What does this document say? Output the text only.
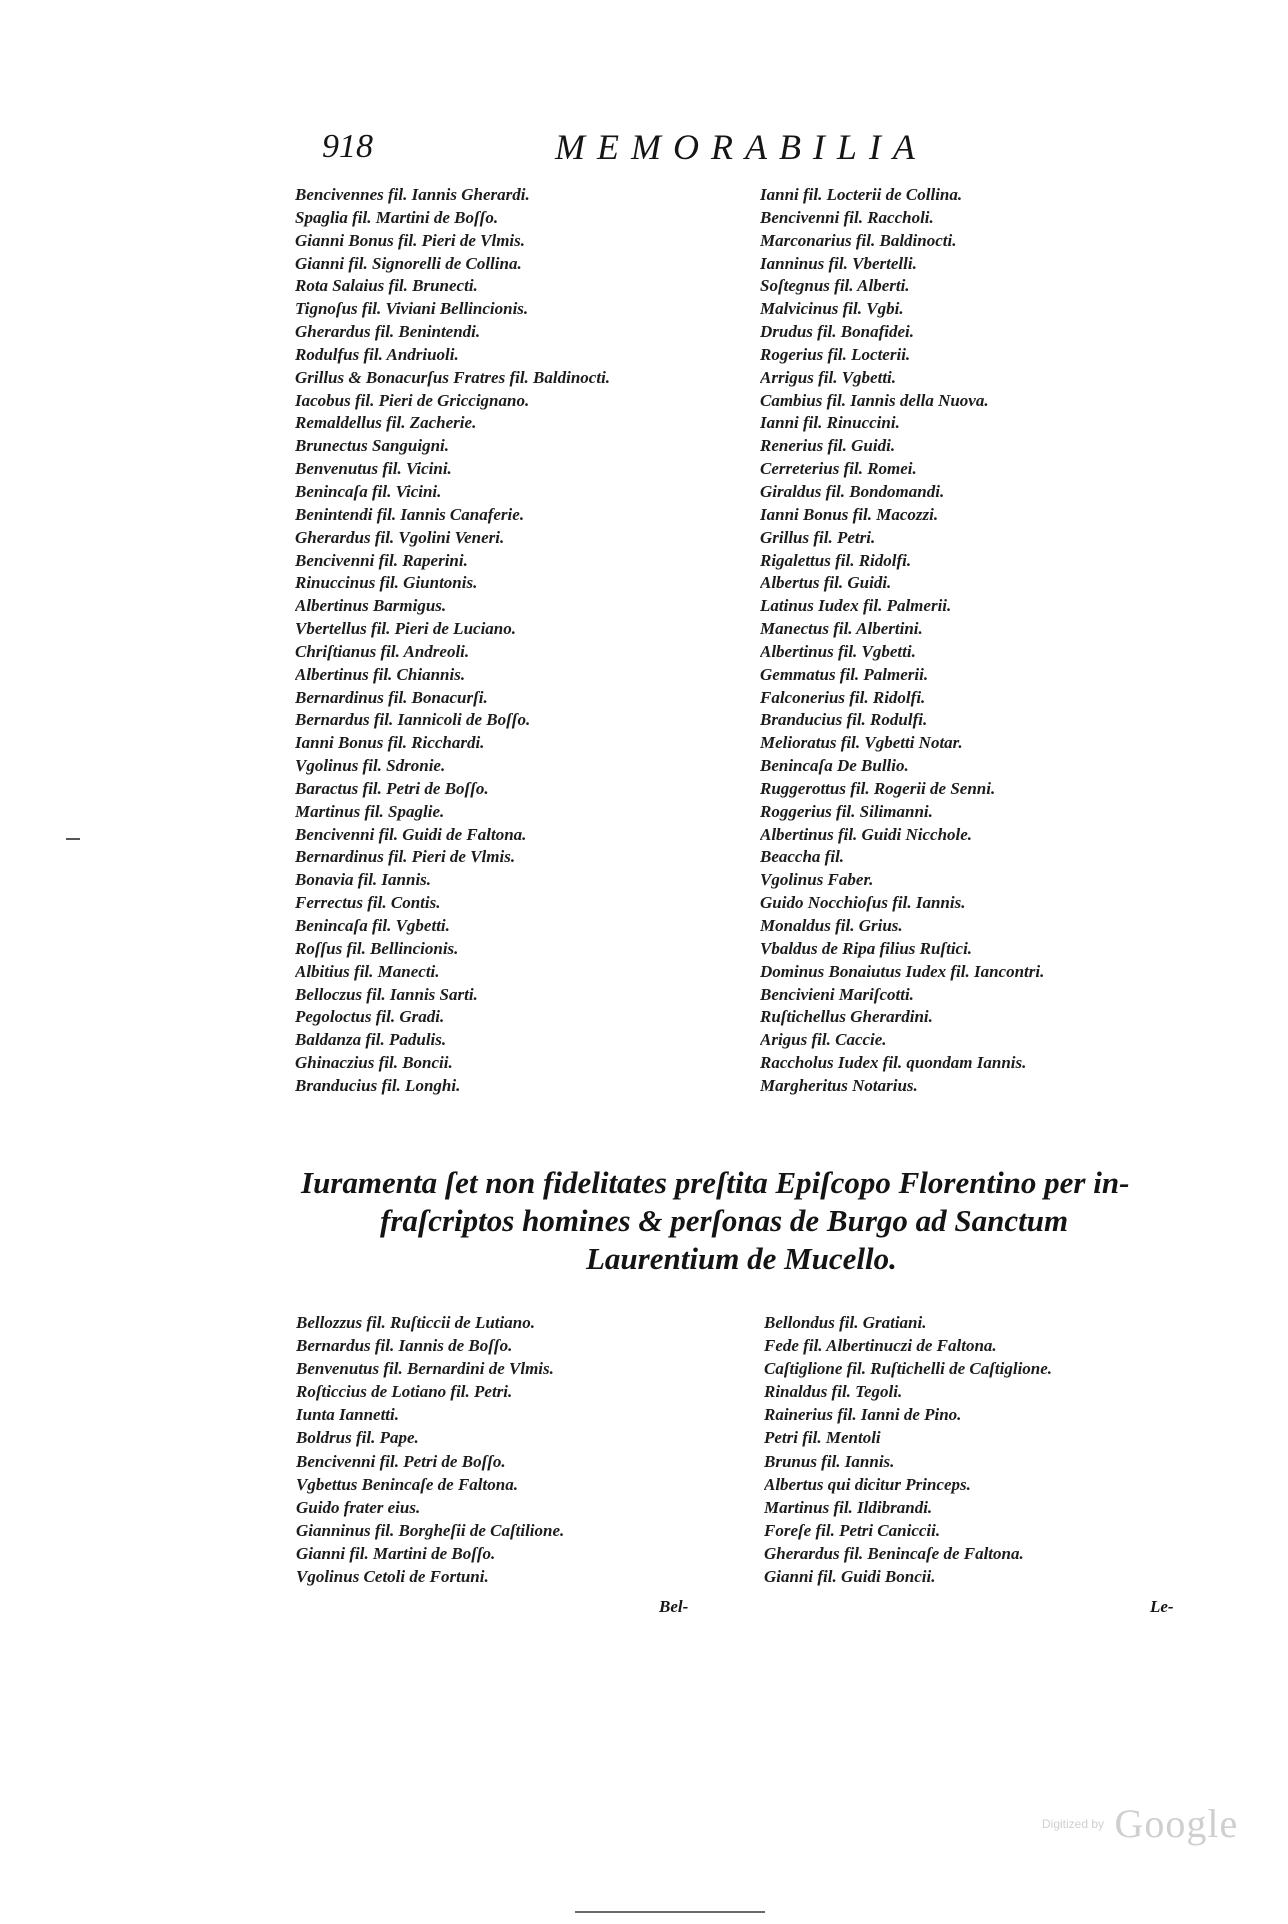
918	MEMORABILIA
Bencivennes fil. Iannis Gherardi.
Spaglia fil. Martini de Boſſo.
Gianni Bonus fil. Pieri de Vlmis.
Gianni fil. Signorelli de Collina.
Rota Salaius fil. Brunecti.
Tignoſus fil. Viviani Bellincionis.
Gherardus fil. Benintendi.
Rodulfus fil. Andriuoli.
Grillus & Bonacurſus Fratres fil. Baldinocti.
Iacobus fil. Pieri de Griccignano.
Remaldellus fil. Zacherie.
Brunectus Sanguigni.
Benvenutus fil. Vicini.
Benincaſa fil. Vicini.
Benintendi fil. Iannis Canaferie.
Gherardus fil. Vgolini Veneri.
Bencivenni fil. Raperini.
Rinuccinus fil. Giuntonis.
Albertinus Barmigus.
Vbertellus fil. Pieri de Luciano.
Chriſtianus fil. Andreoli.
Albertinus fil. Chiannis.
Bernardinus fil. Bonacurſi.
Bernardus fil. Iannicoli de Boſſo.
Ianni Bonus fil. Ricchardi.
Vgolinus fil. Sdronie.
Baractus fil. Petri de Boſſo.
Martinus fil. Spaglie.
Bencivenni fil. Guidi de Faltona.
Bernardinus fil. Pieri de Vlmis.
Bonavia fil. Iannis.
Ferrectus fil. Contis.
Benincaſa fil. Vgbetti.
Roſſus fil. Bellincionis.
Albitius fil. Manecti.
Belloczus fil. Iannis Sarti.
Pegoloctus fil. Gradi.
Baldanza fil. Padulis.
Ghinaczius fil. Boncii.
Branducius fil. Longhi.
Ianni fil. Locterii de Collina.
Bencivenni fil. Raccholi.
Marconarius fil. Baldinocti.
Ianninus fil. Vbertelli.
Soſtegnus fil. Alberti.
Malvicinus fil. Vgbi.
Drudus fil. Bonafidei.
Rogerius fil. Locterii.
Arrigus fil. Vgbetti.
Cambius fil. Iannis della Nuova.
Ianni fil. Rinuccini.
Renerius fil. Guidi.
Cerreterius fil. Romei.
Giraldus fil. Bondomandi.
Ianni Bonus fil. Macozzi.
Grillus fil. Petri.
Rigalettus fil. Ridolfi.
Albertus fil. Guidi.
Latinus Iudex fil. Palmerii.
Manectus fil. Albertini.
Albertinus fil. Vgbetti.
Gemmatus fil. Palmerii.
Falconerius fil. Ridolfi.
Branducius fil. Rodulfi.
Melioratus fil. Vgbetti Notar.
Benincaſa De Bullio.
Ruggerottus fil. Rogerii de Senni.
Roggerius fil. Silimanni.
Albertinus fil. Guidi Nicchole.
Beaccha fil.
Vgolinus Faber.
Guido Nocchioſus fil. Iannis.
Monaldus fil. Grius.
Vbaldus de Ripa filius Ruſtici.
Dominus Bonaiutus Iudex fil. Iancontri.
Bencivieni Mariſcotti.
Ruſtichellus Gherardini.
Arigus fil. Caccie.
Raccholus Iudex fil. quondam Iannis.
Margheritus Notarius.
Iuramenta ſet non fidelitates preſtita Epiſcopo Florentino per in-
fraſcriptos homines & perſonas de Burgo ad Sanctum
Laurentium de Mucello.
Bellozzus fil. Ruſticcii de Lutiano.
Bernardus fil. Iannis de Boſſo.
Benvenutus fil. Bernardini de Vlmis.
Roſticcius de Lotiano fil. Petri.
Iunta Iannetti.
Boldrus fil. Pape.
Bencivenni fil. Petri de Boſſo.
Vgbettus Benincaſe de Faltona.
Guido frater eius.
Gianninus fil. Borgheſii de Caſtilione.
Gianni fil. Martini de Boſſo.
Vgolinus Cetoli de Fortuni.
Bellondus fil. Gratiani.
Fede fil. Albertinuczi de Faltona.
Caſtiglione fil. Ruſtichelli de Caſtiglione.
Rinaldus fil. Tegoli.
Rainerius fil. Ianni de Pino.
Petri fil. Mentoli
Brunus fil. Iannis.
Albertus qui dicitur Princeps.
Martinus fil. Ildibrandi.
Foreſe fil. Petri Caniccii.
Gherardus fil. Benincaſe de Faltona.
Gianni fil. Guidi Boncii.
Bel-	Le-
Digitized by Google
